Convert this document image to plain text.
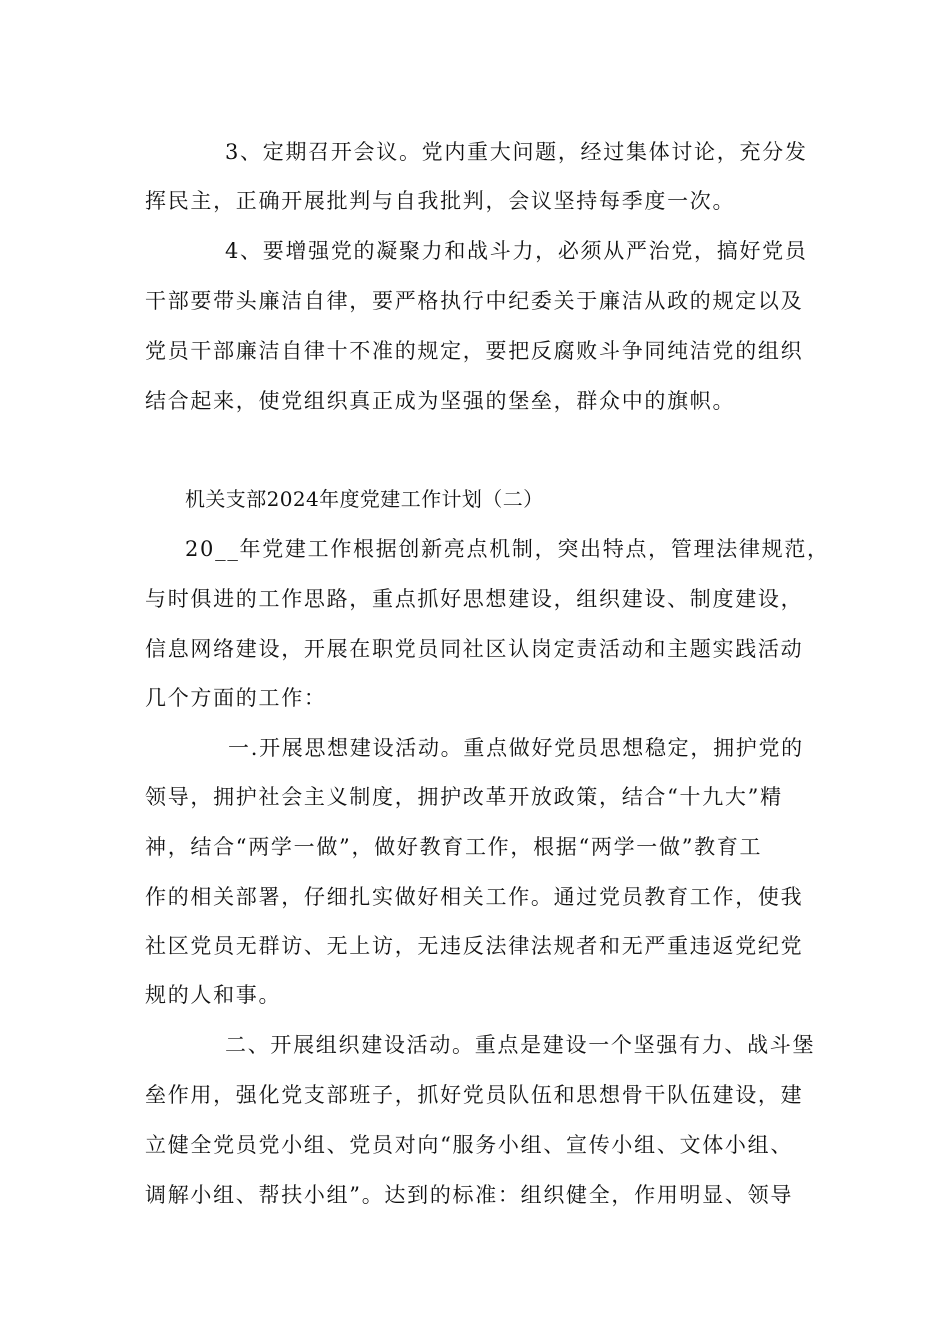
3、定期召开会议。党内重大问题，经过集体讨论，充分发
挥民主，正确开展批判与自我批判，会议坚持每季度一次。
4、要增强党的凝聚力和战斗力，必须从严治党，搞好党员
干部要带头廉洁自律，要严格执行中纪委关于廉洁从政的规定以及
党员干部廉洁自律十不准的规定，要把反腐败斗争同纯洁党的组织
结合起来，使党组织真正成为坚强的堡垒，群众中的旗帜。
机关支部2024年度党建工作计划（二）
20__年党建工作根据创新亮点机制，突出特点，管理法律规范，
与时俱进的工作思路，重点抓好思想建设，组织建设、制度建设，
信息网络建设，开展在职党员同社区认岗定责活动和主题实践活动
几个方面的工作：
一.开展思想建设活动。重点做好党员思想稳定，拥护党的
领导，拥护社会主义制度，拥护改革开放政策，结合“十九大”精
神，结合“两学一做”，做好教育工作，根据“两学一做”教育工
作的相关部署，仔细扎实做好相关工作。通过党员教育工作，使我
社区党员无群访、无上访，无违反法律法规者和无严重违返党纪党
规的人和事。
二、开展组织建设活动。重点是建设一个坚强有力、战斗堡
垒作用，强化党支部班子，抓好党员队伍和思想骨干队伍建设，建
立健全党员党小组、党员对向“服务小组、宣传小组、文体小组、
调解小组、帮扶小组”。达到的标准：组织健全，作用明显、领导
